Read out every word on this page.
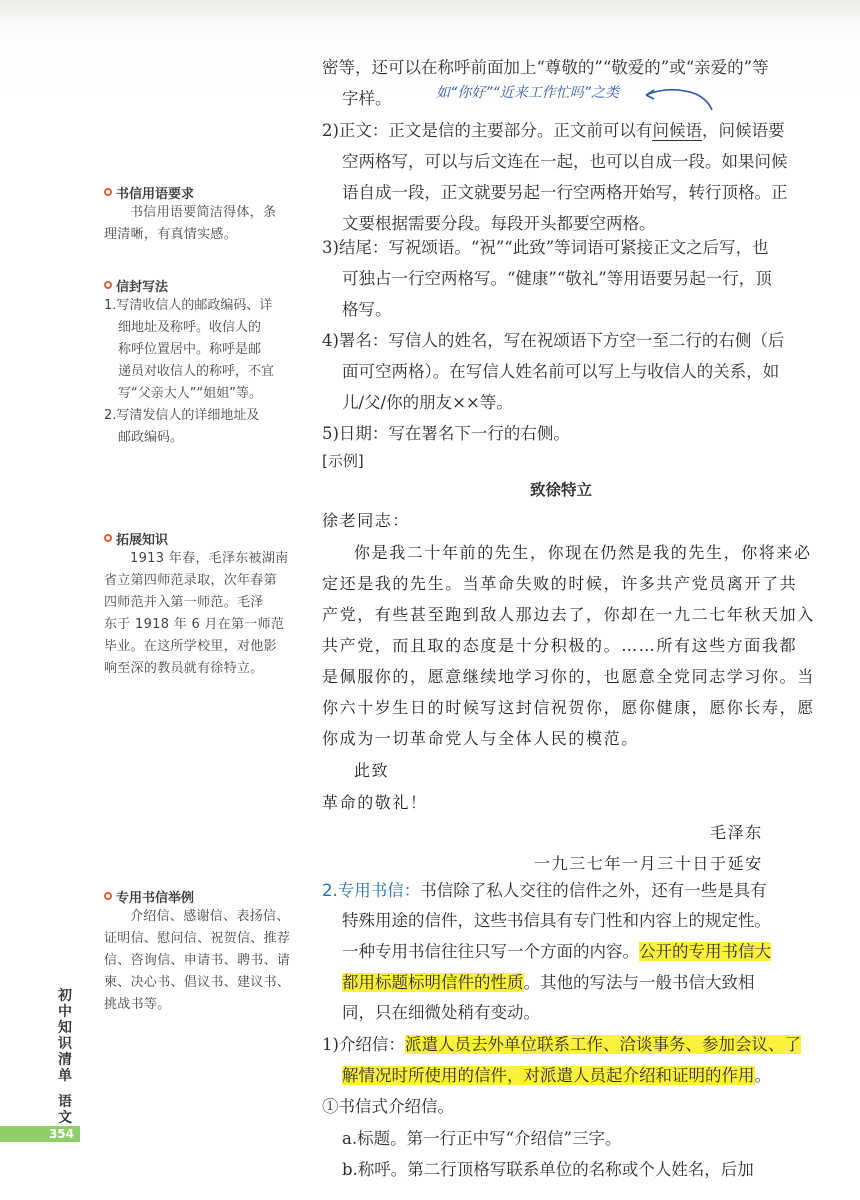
书信用语要求

书信用语要简洁得体，条

理清晰，有真情实感。

信封写法
1.写清收信人的邮政编码、详
细地址及称呼。收信人的
称呼位置居中。称呼是邮
递员对收信人的称呼，不宜
写“父亲大人”“姐姐”等。
2.写清发信人的详细地址及
邮政编码。
拓展知识

1913 年春，毛泽东被湖南

省立第四师范录取，次年春第

四师范并入第一师范。毛泽

东于 1918 年 6 月在第一师范

毕业。在这所学校里，对他影

响至深的教员就有徐特立。

专用书信举例

介绍信、感谢信、表扬信、

证明信、慰问信、祝贺信、推荐

信、咨询信、申请书、聘书、请

柬、决心书、倡议书、建议书、

挑战书等。

初
中
知
识
清
单
语
文
354
密等，还可以在称呼前面加上“尊敬的”“敬爱的”或“亲爱的”等
字样。
2)正文：正文是信的主要部分。正文前可以有问候语，问候语要
空两格写，可以与后文连在一起，也可以自成一段。如果问候
语自成一段，正文就要另起一行空两格开始写，转行顶格。正
文要根据需要分段。每段开头都要空两格。
3)结尾：写祝颂语。“祝”“此致”等词语可紧接正文之后写，也
可独占一行空两格写。“健康”“敬礼”等用语要另起一行，顶
格写。
4)署名：写信人的姓名，写在祝颂语下方空一至二行的右侧（后
面可空两格）。在写信人姓名前可以写上与收信人的关系，如
儿/父/你的朋友××等。
5)日期：写在署名下一行的右侧。
[示例]
致徐特立
徐老同志：
你是我二十年前的先生，你现在仍然是我的先生，你将来必
定还是我的先生。当革命失败的时候，许多共产党员离开了共
产党，有些甚至跑到敌人那边去了，你却在一九二七年秋天加入
共产党，而且取的态度是十分积极的。……所有这些方面我都
是佩服你的，愿意继续地学习你的，也愿意全党同志学习你。当
你六十岁生日的时候写这封信祝贺你，愿你健康，愿你长寿，愿
你成为一切革命党人与全体人民的模范。
此致
革命的敬礼！
毛泽东
一九三七年一月三十日于延安
2.专用书信：书信除了私人交往的信件之外，还有一些是具有
特殊用途的信件，这些书信具有专门性和内容上的规定性。
一种专用书信往往只写一个方面的内容。公开的专用书信大
都用标题标明信件的性质。其他的写法与一般书信大致相
同，只在细微处稍有变动。
1)介绍信：派遣人员去外单位联系工作、洽谈事务、参加会议、了
解情况时所使用的信件，对派遣人员起介绍和证明的作用。
①书信式介绍信。
a.标题。第一行正中写“介绍信”三字。
b.称呼。第二行顶格写联系单位的名称或个人姓名，后加
如“你好”“近来工作忙吗”之类
